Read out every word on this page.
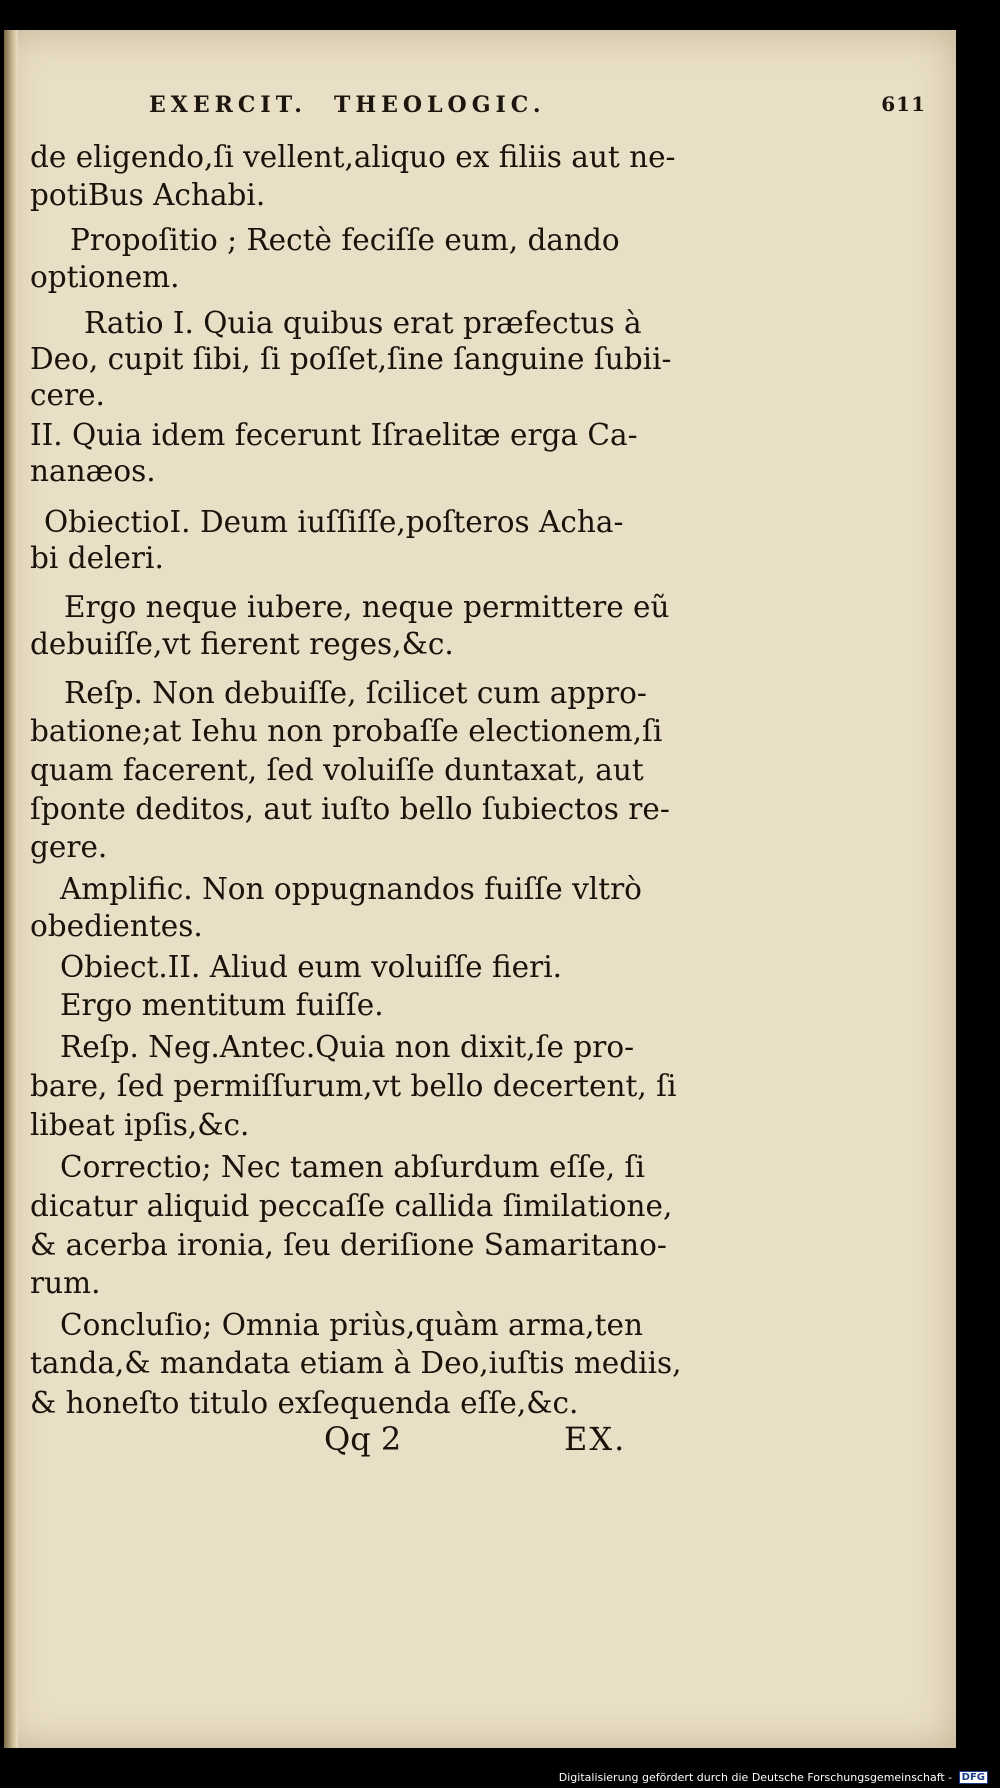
EXERCIT. THEOLOGIC.	611
de eligendo,ſi vellent,aliquo ex filiis aut ne-
potiBus Achabi.
Propoſitio ; Rectè feciſſe eum, dando
optionem.
Ratio I. Quia quibus erat præfectus à
Deo, cupit ſibi, ſi poſſet,ſine ſanguine ſubii-
cere.
II. Quia idem fecerunt Iſraelitæ erga Ca-
nanæos.
ObiectioI. Deum iuſſiſſe,poſteros Acha-
bi deleri.
Ergo neque iubere, neque permittere eũ
debuiſſe,vt fierent reges,&c.
Reſp. Non debuiſſe, ſcilicet cum appro-
batione;at Iehu non probaſſe electionem,ſi
quam facerent, ſed voluiſſe duntaxat, aut
ſponte deditos, aut iuſto bello ſubiectos re-
gere.
Amplific. Non oppugnandos fuiſſe vltrò
obedientes.
Obiect.II. Aliud eum voluiſſe fieri.
Ergo mentitum fuiſſe.
Reſp. Neg.Antec.Quia non dixit,ſe pro-
bare, ſed permiſſurum,vt bello decertent, ſi
libeat ipſis,&c.
Correctio; Nec tamen abſurdum eſſe, ſi
dicatur aliquid peccaſſe callida ſimilatione,
& acerba ironia, ſeu deriſione Samaritano-
rum.
Concluſio; Omnia priùs,quàm arma,ten
tanda,& mandata etiam à Deo,iuſtis mediis,
& honeſto titulo exſequenda eſſe,&c.
Qq 2	EX.
Digitalisierung gefördert durch die Deutsche Forschungsgemeinschaft - DFG
